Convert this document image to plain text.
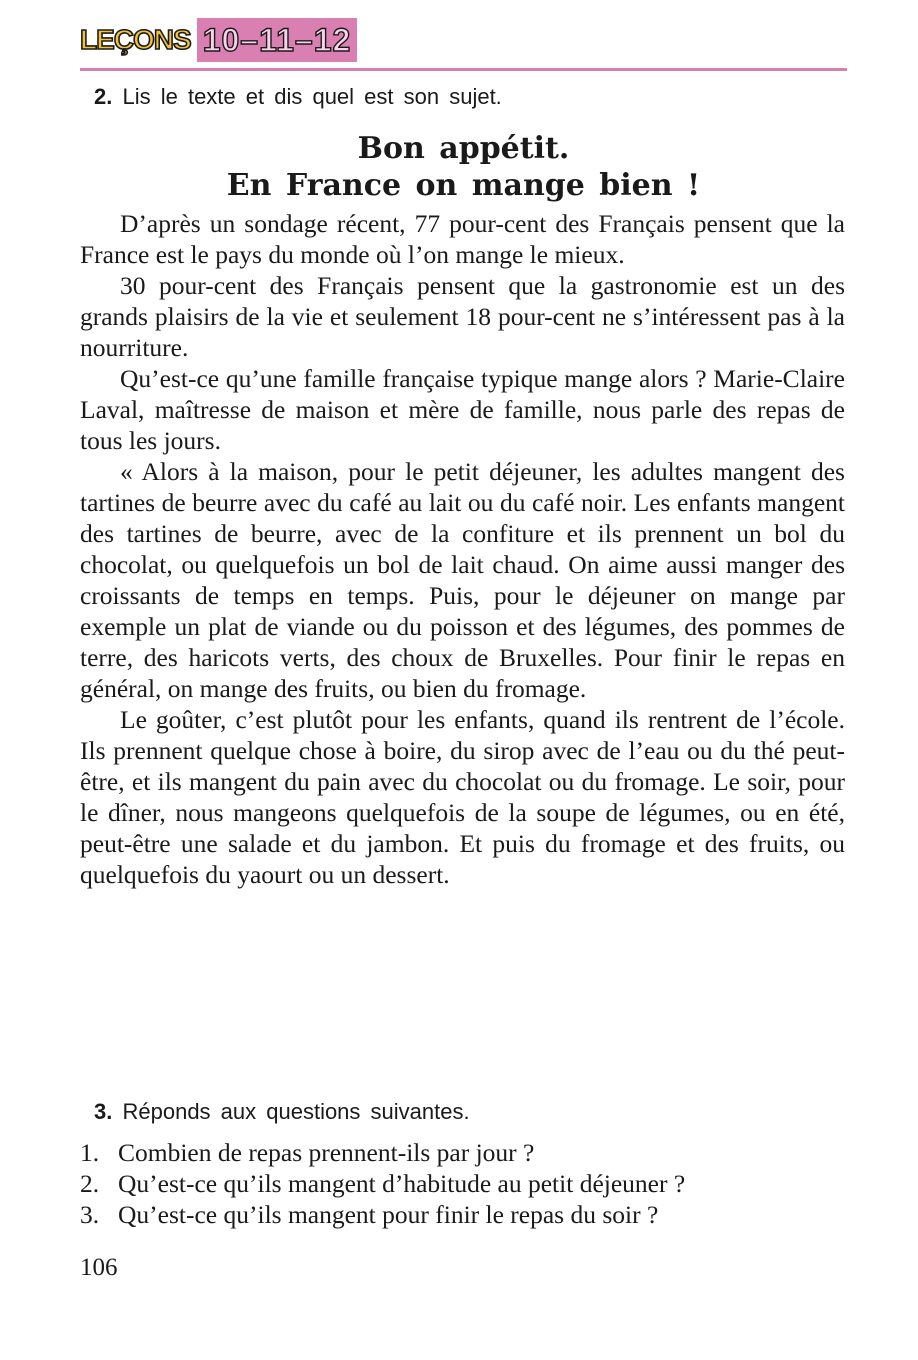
LEÇONS 10–11–12
2. Lis le texte et dis quel est son sujet.
Bon appétit.
En France on mange bien !

D’après un sondage récent, 77 pour-cent des Français pensent que la France est le pays du monde où l’on mange le mieux.

30 pour-cent des Français pensent que la gastronomie est un des grands plaisirs de la vie et seulement 18 pour-cent ne s’intéressent pas à la nourriture.

Qu’est-ce qu’une famille française typique mange alors ? Marie-Claire Laval, maîtresse de maison et mère de famille, nous parle des repas de tous les jours.

« Alors à la maison, pour le petit déjeuner, les adultes mangent des tartines de beurre avec du café au lait ou du café noir. Les enfants mangent des tartines de beurre, avec de la confiture et ils prennent un bol du chocolat, ou quelquefois un bol de lait chaud. On aime aussi manger des croissants de temps en temps. Puis, pour le déjeuner on mange par exemple un plat de viande ou du poisson et des légumes, des pommes de terre, des haricots verts, des choux de Bruxelles. Pour finir le repas en général, on mange des fruits, ou bien du fromage.

Le goûter, c’est plutôt pour les enfants, quand ils rentrent de l’école. Ils prennent quelque chose à boire, du sirop avec de l’eau ou du thé peut-être, et ils mangent du pain avec du chocolat ou du fromage. Le soir, pour le dîner, nous mangeons quelquefois de la soupe de légumes, ou en été, peut-être une salade et du jambon. Et puis du fromage et des fruits, ou quelquefois du yaourt ou un dessert.

3. Réponds aux questions suivantes.
1. Combien de repas prennent-ils par jour ?
2. Qu’est-ce qu’ils mangent d’habitude au petit déjeuner ?
3. Qu’est-ce qu’ils mangent pour finir le repas du soir ?
106
